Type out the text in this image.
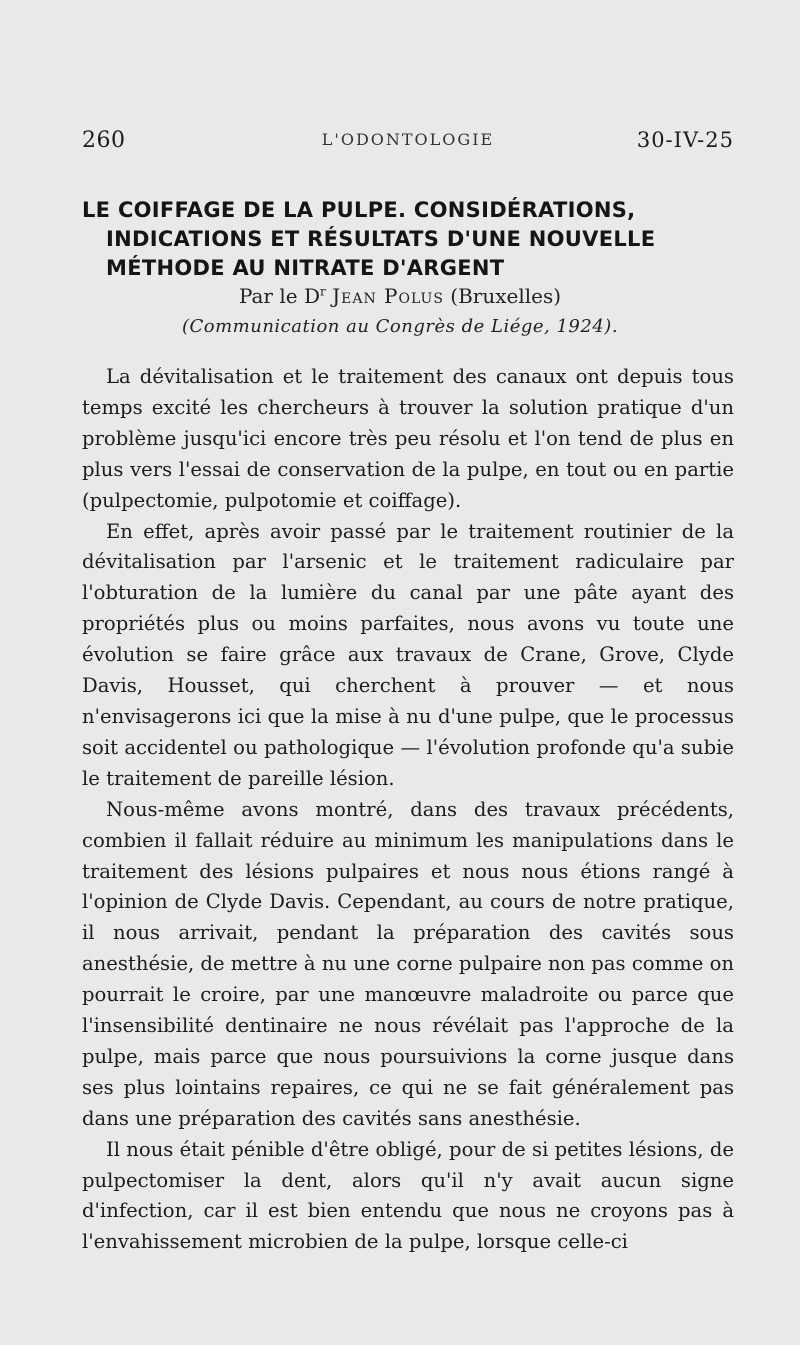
260	L'ODONTOLOGIE	30-IV-25
LE COIFFAGE DE LA PULPE. CONSIDÉRATIONS,
INDICATIONS ET RÉSULTATS D'UNE NOUVELLE
MÉTHODE AU NITRATE D'ARGENT
Par le $D^r$ Jean Polus (Bruxelles)
(Communication au Congrès de Liége, 1924).

La dévitalisation et le traitement des canaux ont depuis tous temps excité les chercheurs à trouver la solution pratique d'un problème jusqu'ici encore très peu résolu et l'on tend de plus en plus vers l'essai de conservation de la pulpe, en tout ou en partie (pulpectomie, pulpotomie et coiffage).

En effet, après avoir passé par le traitement routinier de la dévitalisation par l'arsenic et le traitement radiculaire par l'obturation de la lumière du canal par une pâte ayant des propriétés plus ou moins parfaites, nous avons vu toute une évolution se faire grâce aux travaux de Crane, Grove, Clyde Davis, Housset, qui cherchent à prouver — et nous n'envisagerons ici que la mise à nu d'une pulpe, que le processus soit accidentel ou pathologique — l'évolution profonde qu'a subie le traitement de pareille lésion.

Nous-même avons montré, dans des travaux précédents, combien il fallait réduire au minimum les manipulations dans le traitement des lésions pulpaires et nous nous étions rangé à l'opinion de Clyde Davis. Cependant, au cours de notre pratique, il nous arrivait, pendant la préparation des cavités sous anesthésie, de mettre à nu une corne pulpaire non pas comme on pourrait le croire, par une manœuvre maladroite ou parce que l'insensibilité dentinaire ne nous révélait pas l'approche de la pulpe, mais parce que nous poursuivions la corne jusque dans ses plus lointains repaires, ce qui ne se fait généralement pas dans une préparation des cavités sans anesthésie.

Il nous était pénible d'être obligé, pour de si petites lésions, de pulpectomiser la dent, alors qu'il n'y avait aucun signe d'infection, car il est bien entendu que nous ne croyons pas à l'envahissement microbien de la pulpe, lorsque celle-ci
